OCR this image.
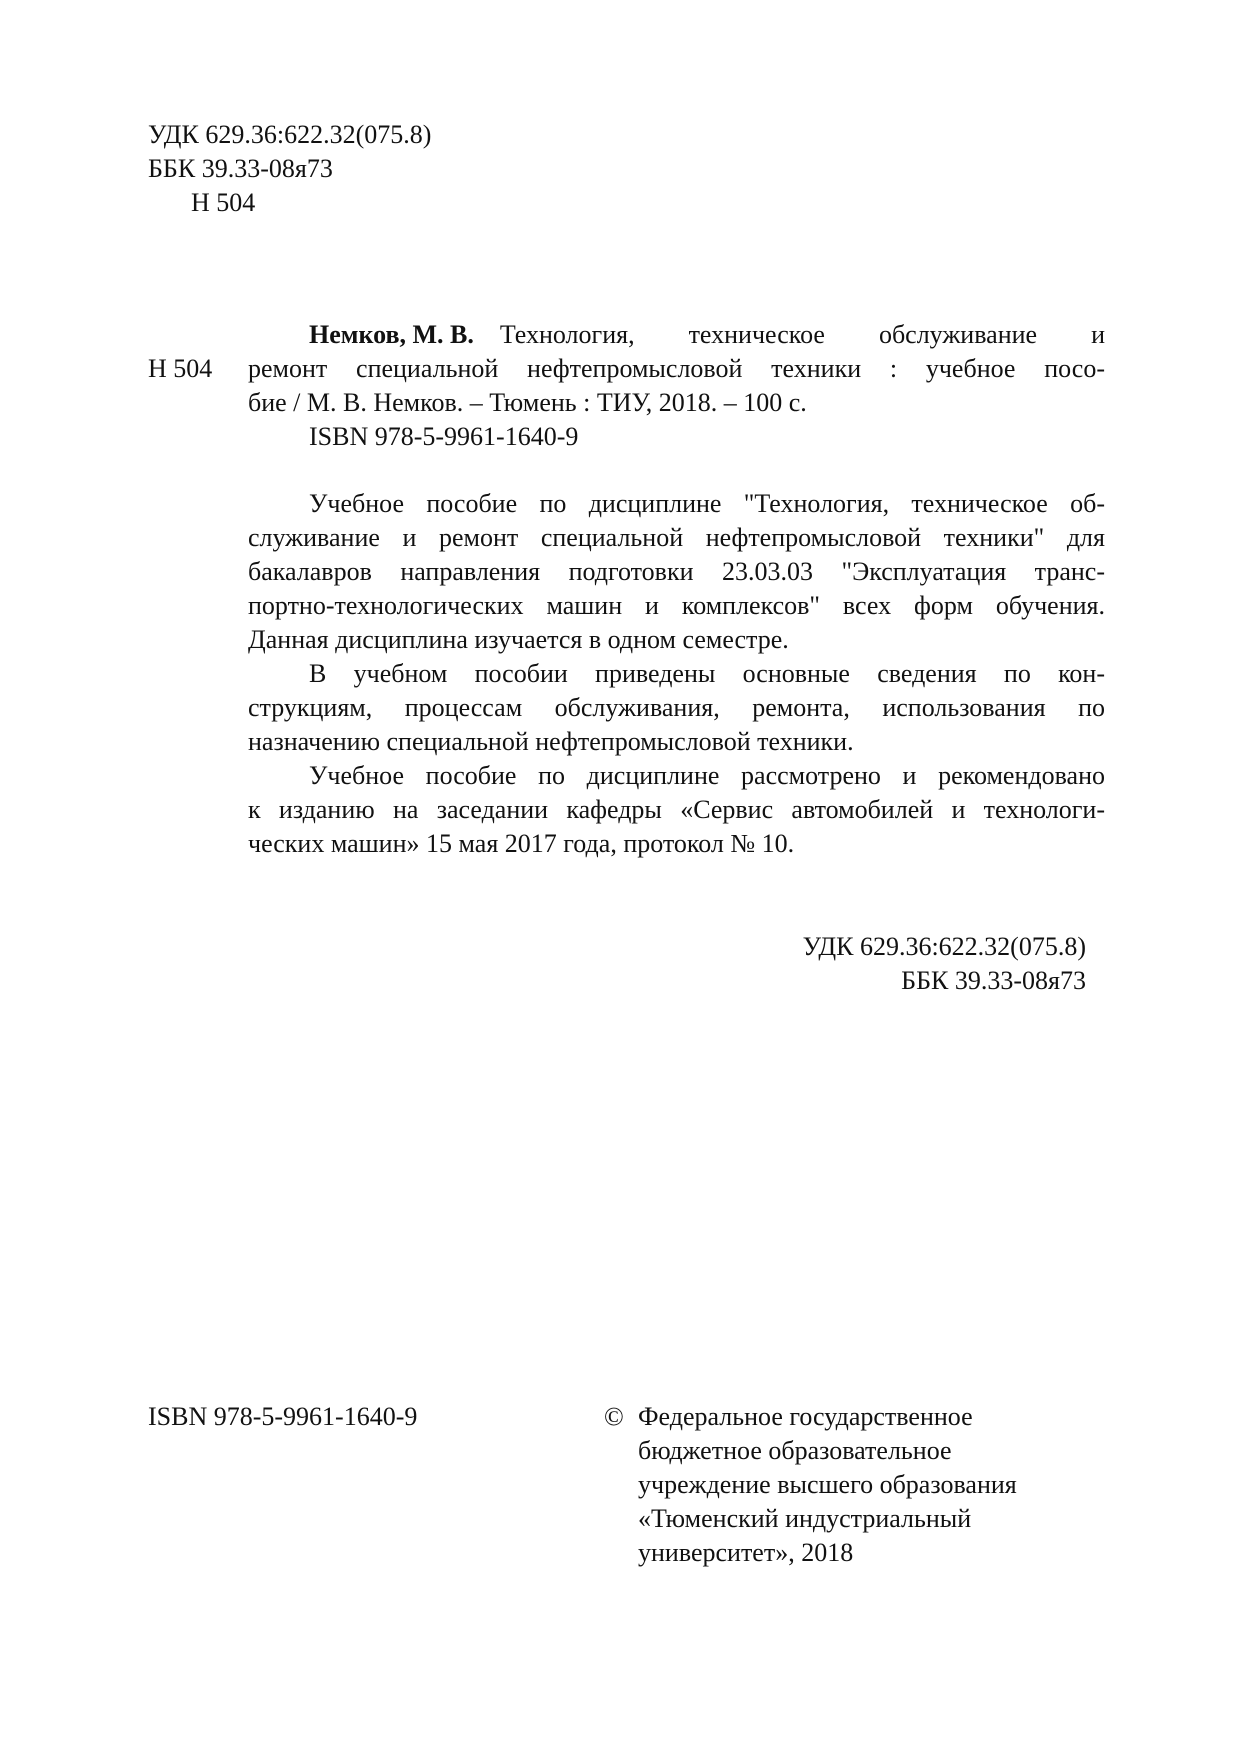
УДК 629.36:622.32(075.8)
ББК 39.33-08я73
Н 504
Н 504
Немков, М. В. Технология, техническое обслуживание и
ремонт специальной нефтепромысловой техники : учебное посо-
бие / М. В. Немков. – Тюмень : ТИУ, 2018. – 100 с.
ISBN 978-5-9961-1640-9
Учебное пособие по дисциплине "Технология, техническое об-
служивание и ремонт специальной нефтепромысловой техники" для
бакалавров направления подготовки 23.03.03 "Эксплуатация транс-
портно-технологических машин и комплексов" всех форм обучения.
Данная дисциплина изучается в одном семестре.
В учебном пособии приведены основные сведения по кон-
струкциям, процессам обслуживания, ремонта, использования по
назначению специальной нефтепромысловой техники.
Учебное пособие по дисциплине рассмотрено и рекомендовано
к изданию на заседании кафедры «Сервис автомобилей и технологи-
ческих машин» 15 мая 2017 года, протокол № 10.
УДК 629.36:622.32(075.8)
ББК 39.33-08я73
ISBN 978-5-9961-1640-9	© Федеральное государственное
бюджетное образовательное
учреждение высшего образования
«Тюменский индустриальный
университет», 2018
